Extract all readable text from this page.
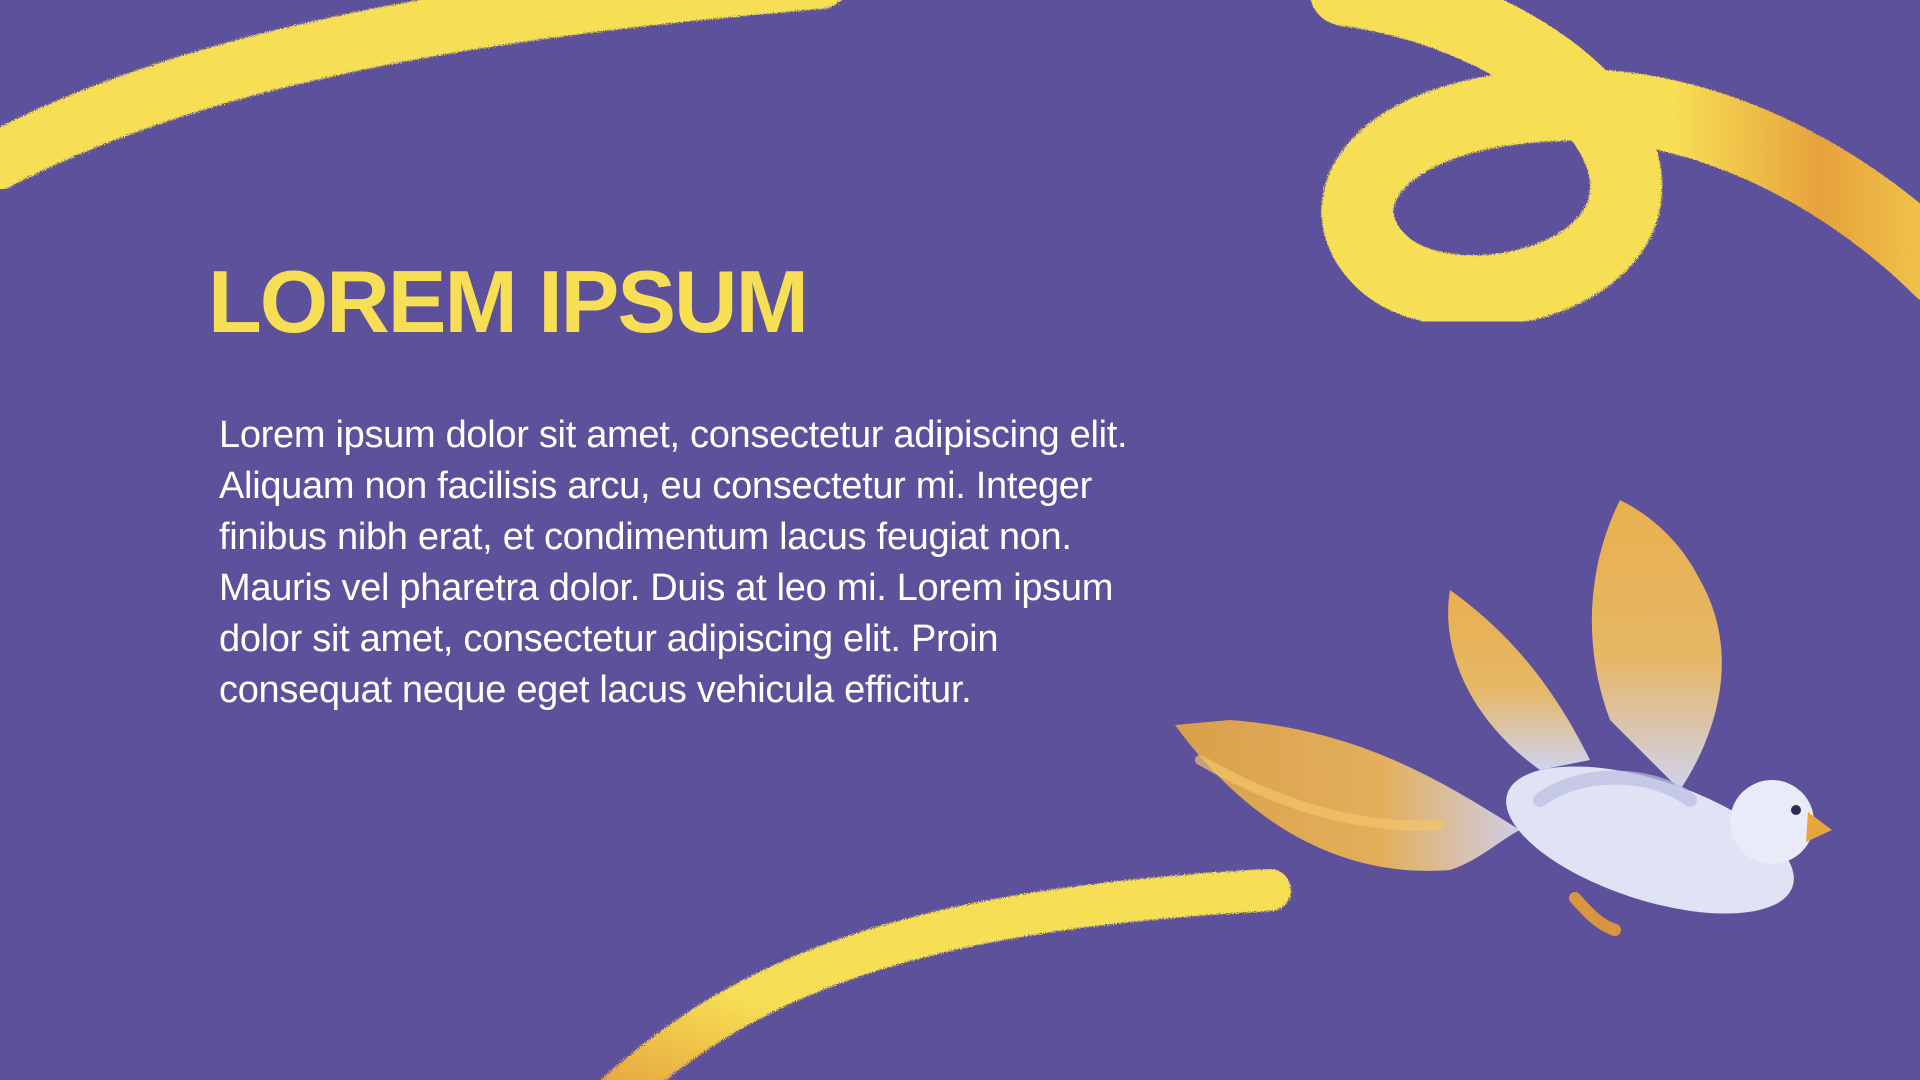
LOREM IPSUM

Lorem ipsum dolor sit amet, consectetur adipiscing elit. Aliquam non facilisis arcu, eu consectetur mi. Integer finibus nibh erat, et condimentum lacus feugiat non. Mauris vel pharetra dolor. Duis at leo mi. Lorem ipsum dolor sit amet, consectetur adipiscing elit. Proin consequat neque eget lacus vehicula efficitur.
